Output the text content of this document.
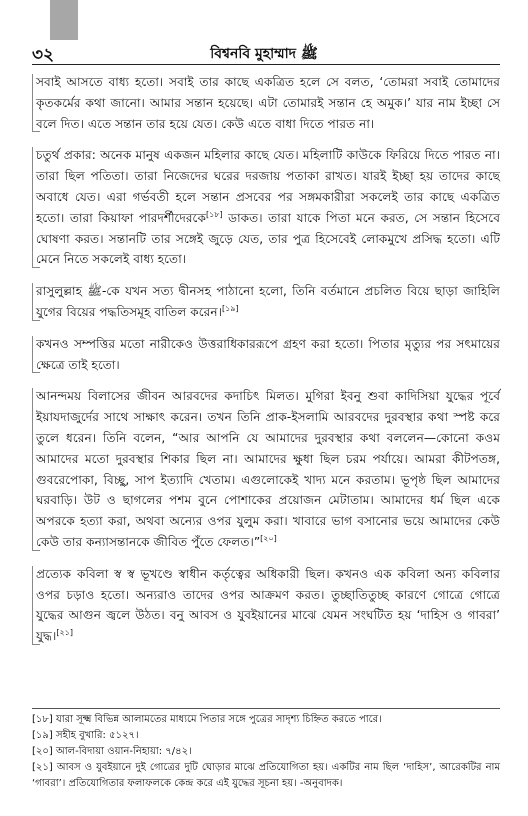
৩২	বিশ্বনবি মুহাম্মাদ ﷺ

সবাই আসতে বাধ্য হতো। সবাই তার কাছে একত্রিত হলে সে বলত, ‘তোমরা সবাই তোমাদের কৃতকর্মের কথা জানো। আমার সন্তান হয়েছে। এটা তোমারই সন্তান হে অমুক।’ যার নাম ইচ্ছা সে বলে দিত। এতে সন্তান তার হয়ে যেত। কেউ এতে বাধা দিতে পারত না।

চতুর্থ প্রকার: অনেক মানুষ একজন মহিলার কাছে যেত। মহিলাটি কাউকে ফিরিয়ে দিতে পারত না। তারা ছিল পতিতা। তারা নিজেদের ঘরের দরজায় পতাকা রাখত। যারই ইচ্ছা হয় তাদের কাছে অবাধে যেত। এরা গর্ভবতী হলে সন্তান প্রসবের পর সঙ্গমকারীরা সকলেই তার কাছে একত্রিত হতো। তারা কিয়াফা পারদর্শীদেরকে[১৮] ডাকত। তারা যাকে পিতা মনে করত, সে সন্তান হিসেবে ঘোষণা করত। সন্তানটি তার সঙ্গেই জুড়ে যেত, তার পুত্র হিসেবেই লোকমুখে প্রসিদ্ধ হতো। এটি মেনে নিতে সকলেই বাধ্য হতো।

রাসুলুল্লাহ ﷺ-কে যখন সত্য দ্বীনসহ পাঠানো হলো, তিনি বর্তমানে প্রচলিত বিয়ে ছাড়া জাহিলি যুগের বিয়ের পদ্ধতিসমূহ বাতিল করেন।[১৯]

কখনও সম্পত্তির মতো নারীকেও উত্তরাধিকাররূপে গ্রহণ করা হতো। পিতার মৃত্যুর পর সৎমায়ের ক্ষেত্রে তাই হতো।

আনন্দময় বিলাসের জীবন আরবদের কদাচিৎ মিলত। মুগিরা ইবনু শুবা কাদিসিয়া যুদ্ধের পূর্বে ইয়াযদাজুর্দের সাথে সাক্ষাৎ করেন। তখন তিনি প্রাক-ইসলামি আরবদের দুরবস্থার কথা স্পষ্ট করে তুলে ধরেন। তিনি বলেন, “আর আপনি যে আমাদের দুরবস্থার কথা বললেন—কোনো কওম আমাদের মতো দুরবস্থার শিকার ছিল না। আমাদের ক্ষুধা ছিল চরম পর্যায়ে। আমরা কীটপতঙ্গ, গুবরেপোকা, বিচ্ছু, সাপ ইত্যাদি খেতাম। এগুলোকেই খাদ্য মনে করতাম। ভূপৃষ্ঠ ছিল আমাদের ঘরবাড়ি। উট ও ছাগলের পশম বুনে পোশাকের প্রয়োজন মেটাতাম। আমাদের ধর্ম ছিল একে অপরকে হত্যা করা, অথবা অন্যের ওপর যুলুম করা। খাবারে ভাগ বসানোর ভয়ে আমাদের কেউ কেউ তার কন্যাসন্তানকে জীবিত পুঁতে ফেলত।”[২০]

প্রত্যেক কবিলা স্ব স্ব ভূখণ্ডে স্বাধীন কর্তৃত্বের অধিকারী ছিল। কখনও এক কবিলা অন্য কবিলার ওপর চড়াও হতো। অন্যরাও তাদের ওপর আক্রমণ করত। তুচ্ছাতিতুচ্ছ কারণে গোত্রে গোত্রে যুদ্ধের আগুন জ্বলে উঠত। বনু আবস ও যুবইয়ানের মাঝে যেমন সংঘটিত হয় ‘দাহিস ও গাবরা’ যুদ্ধ।[২১]

[১৮] যারা সূক্ষ্ম বিভিন্ন আলামতের মাধ্যমে পিতার সঙ্গে পুত্রের সাদৃশ্য চিহ্নিত করতে পারে।

[১৯] সহীহ বুখারি: ৫১২৭।

[২০] আল-বিদায়া ওয়ান-নিহায়া: ৭/৪২।

[২১] আবস ও যুবইয়ানে দুই গোত্রের দুটি ঘোড়ার মাঝে প্রতিযোগিতা হয়। একটির নাম ছিল ‘দাহিস’, আরেকটির নাম ‘গাবরা’। প্রতিযোগিতার ফলাফলকে কেন্দ্র করে এই যুদ্ধের সূচনা হয়। -অনুবাদক।
